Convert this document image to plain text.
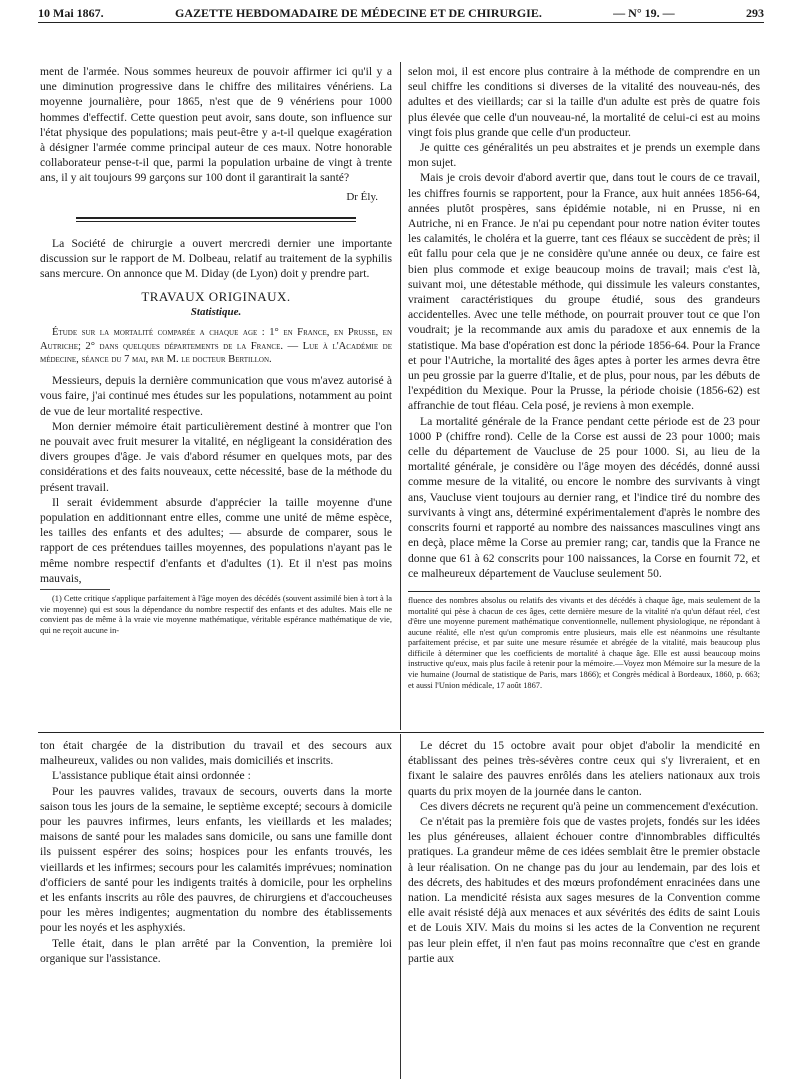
10 Mai 1867.	GAZETTE HEBDOMADAIRE DE MÉDECINE ET DE CHIRURGIE.	— N° 19. —	293

ment de l'armée. Nous sommes heureux de pouvoir affirmer ici qu'il y a une diminution progressive dans le chiffre des militaires vénériens. La moyenne journalière, pour 1865, n'est que de 9 vénériens pour 1000 hommes d'effectif. Cette question peut avoir, sans doute, son influence sur l'état physique des populations; mais peut-être y a-t-il quelque exagération à désigner l'armée comme principal auteur de ces maux. Notre honorable collaborateur pense-t-il que, parmi la population urbaine de vingt à trente ans, il y ait toujours 99 garçons sur 100 dont il garantirait la santé?

Dr Ély.

La Société de chirurgie a ouvert mercredi dernier une importante discussion sur le rapport de M. Dolbeau, relatif au traitement de la syphilis sans mercure. On annonce que M. Diday (de Lyon) doit y prendre part.

TRAVAUX ORIGINAUX.
Statistique.

Étude sur la mortalité comparée a chaque age : 1° en France, en Prusse, en Autriche; 2° dans quelques départements de la France. — Lue à l'Académie de médecine, séance du 7 mai, par M. le docteur Bertillon.

Messieurs, depuis la dernière communication que vous m'avez autorisé à vous faire, j'ai continué mes études sur les populations, notamment au point de vue de leur mortalité respective.

Mon dernier mémoire était particulièrement destiné à montrer que l'on ne pouvait avec fruit mesurer la vitalité, en négligeant la considération des divers groupes d'âge. Je vais d'abord résumer en quelques mots, par des considérations et des faits nouveaux, cette nécessité, base de la méthode du présent travail.

Il serait évidemment absurde d'apprécier la taille moyenne d'une population en additionnant entre elles, comme une unité de même espèce, les tailles des enfants et des adultes; — absurde de comparer, sous le rapport de ces prétendues tailles moyennes, des populations n'ayant pas le même nombre respectif d'enfants et d'adultes (1). Et il n'est pas moins mauvais,

(1) Cette critique s'applique parfaitement à l'âge moyen des décédés (souvent assimilé bien à tort à la vie moyenne) qui est sous la dépendance du nombre respectif des enfants et des adultes. Mais elle ne convient pas de même à la vraie vie moyenne mathématique, véritable espérance mathématique de vie, qui ne reçoit aucune in-

selon moi, il est encore plus contraire à la méthode de comprendre en un seul chiffre les conditions si diverses de la vitalité des nouveau-nés, des adultes et des vieillards; car si la taille d'un adulte est près de quatre fois plus élevée que celle d'un nouveau-né, la mortalité de celui-ci est au moins vingt fois plus grande que celle d'un producteur.

Je quitte ces généralités un peu abstraites et je prends un exemple dans mon sujet.

Mais je crois devoir d'abord avertir que, dans tout le cours de ce travail, les chiffres fournis se rapportent, pour la France, aux huit années 1856-64, années plutôt prospères, sans épidémie notable, ni en Prusse, ni en Autriche, ni en France. Je n'ai pu cependant pour notre nation éviter toutes les calamités, le choléra et la guerre, tant ces fléaux se succèdent de près; il eût fallu pour cela que je ne considère qu'une année ou deux, ce faire est bien plus commode et exige beaucoup moins de travail; mais c'est là, suivant moi, une détestable méthode, qui dissimule les valeurs constantes, vraiment caractéristiques du groupe étudié, sous des grandeurs accidentelles. Avec une telle méthode, on pourrait prouver tout ce que l'on voudrait; je la recommande aux amis du paradoxe et aux ennemis de la statistique. Ma base d'opération est donc la période 1856-64. Pour la France et pour l'Autriche, la mortalité des âges aptes à porter les armes devra être un peu grossie par la guerre d'Italie, et de plus, pour nous, par les débuts de l'expédition du Mexique. Pour la Prusse, la période choisie (1856-62) est affranchie de tout fléau. Cela posé, je reviens à mon exemple.

La mortalité générale de la France pendant cette période est de 23 pour 1000 P (chiffre rond). Celle de la Corse est aussi de 23 pour 1000; mais celle du département de Vaucluse de 25 pour 1000. Si, au lieu de la mortalité générale, je considère ou l'âge moyen des décédés, donné aussi comme mesure de la vitalité, ou encore le nombre des survivants à vingt ans, Vaucluse vient toujours au dernier rang, et l'indice tiré du nombre des survivants à vingt ans, déterminé expérimentalement d'après le nombre des conscrits fourni et rapporté au nombre des naissances masculines vingt ans en deçà, place même la Corse au premier rang; car, tandis que la France ne donne que 61 à 62 conscrits pour 100 naissances, la Corse en fournit 72, et ce malheureux département de Vaucluse seulement 50.

fluence des nombres absolus ou relatifs des vivants et des décédés à chaque âge, mais seulement de la mortalité qui pèse à chacun de ces âges, cette dernière mesure de la vitalité n'a qu'un défaut réel, c'est d'être une moyenne purement mathématique conventionnelle, nullement physiologique, ne répondant à aucune réalité, elle n'est qu'un compromis entre plusieurs, mais elle est néanmoins une résultante parfaitement précise, et par suite une mesure résumée et abrégée de la vitalité, mais beaucoup plus difficile à déterminer que les coefficients de mortalité à chaque âge. Elle est aussi beaucoup moins instructive qu'eux, mais plus facile à retenir pour la mémoire.—Voyez mon Mémoire sur la mesure de la vie humaine (Journal de statistique de Paris, mars 1866); et Congrès médical à Bordeaux, 1860, p. 663; et aussi l'Union médicale, 17 août 1867.

ton était chargée de la distribution du travail et des secours aux malheureux, valides ou non valides, mais domiciliés et inscrits.

L'assistance publique était ainsi ordonnée :

Pour les pauvres valides, travaux de secours, ouverts dans la morte saison tous les jours de la semaine, le septième excepté; secours à domicile pour les pauvres infirmes, leurs enfants, les vieillards et les malades; maisons de santé pour les malades sans domicile, ou sans une famille dont ils puissent espérer des soins; hospices pour les enfants trouvés, les vieillards et les infirmes; secours pour les calamités imprévues; nomination d'officiers de santé pour les indigents traités à domicile, pour les orphelins et les enfants inscrits au rôle des pauvres, de chirurgiens et d'accoucheuses pour les mères indigentes; augmentation du nombre des établissements pour les noyés et les asphyxiés.

Telle était, dans le plan arrêté par la Convention, la première loi organique sur l'assistance.

Le décret du 15 octobre avait pour objet d'abolir la mendicité en établissant des peines très-sévères contre ceux qui s'y livreraient, et en fixant le salaire des pauvres enrôlés dans les ateliers nationaux aux trois quarts du prix moyen de la journée dans le canton.

Ces divers décrets ne reçurent qu'à peine un commencement d'exécution.

Ce n'était pas la première fois que de vastes projets, fondés sur les idées les plus généreuses, allaient échouer contre d'innombrables difficultés pratiques. La grandeur même de ces idées semblait être le premier obstacle à leur réalisation. On ne change pas du jour au lendemain, par des lois et des décrets, des habitudes et des mœurs profondément enracinées dans une nation. La mendicité résista aux sages mesures de la Convention comme elle avait résisté déjà aux menaces et aux sévérités des édits de saint Louis et de Louis XIV. Mais du moins si les actes de la Convention ne reçurent pas leur plein effet, il n'en faut pas moins reconnaître que c'est en grande partie aux
